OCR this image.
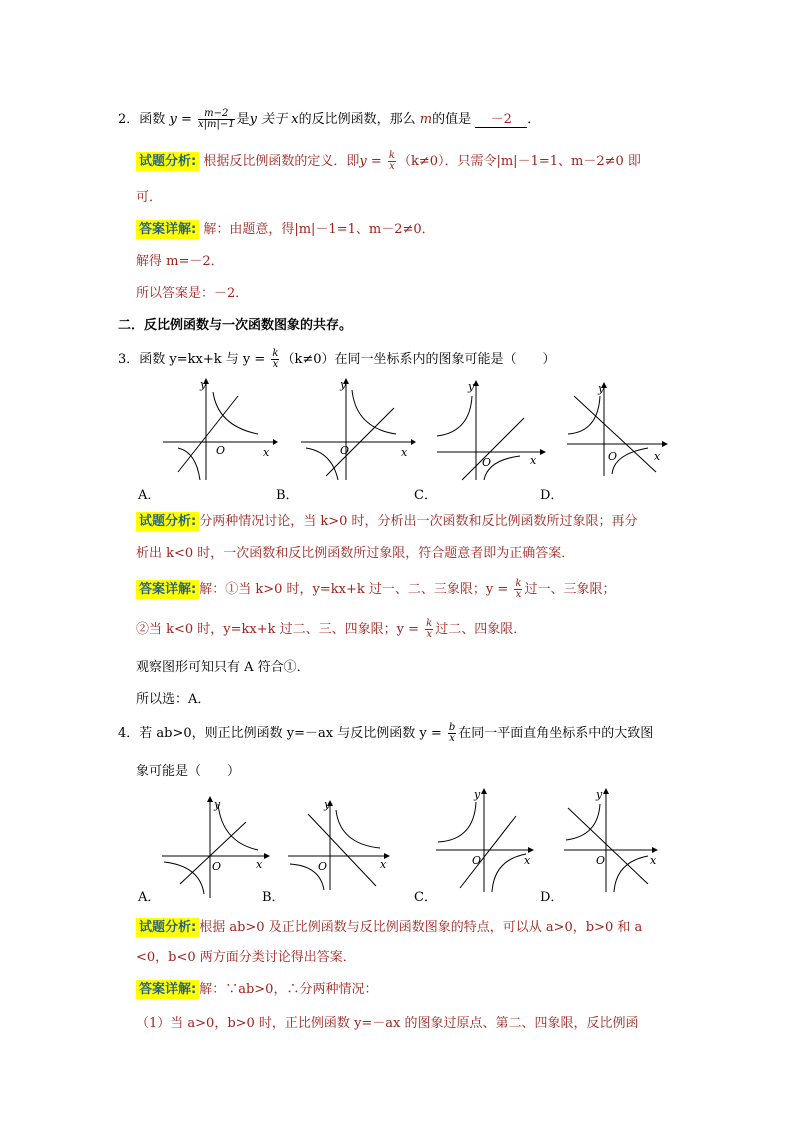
2．函数 $y = \frac{m-2}{x|m|-1}$ 是y 关于 x的反比例函数，那么 m的值是 －2 ．
试题分析: 根据反比例函数的定义．即$y = \frac{k}{x} (k\ne 0)$．只需令|m|－1=1、m－2≠0 即
可．
答案详解: 解：由题意，得|m|－1=1、m－2≠0．
解得 m=－2．
所以答案是：－2．
二．反比例函数与一次函数图象的共存。
3．函数 y=kx+k 与 $y = \frac{k}{x} (k\ne 0)$在同一坐标系内的图象可能是（　　）
y
x
O
y
x
O
y
x
O
y
x
O
A．	B．	C．	D．
试题分析: 分两种情况讨论，当 k>0 时，分析出一次函数和反比例函数所过象限；再分
析出 k<0 时，一次函数和反比例函数所过象限，符合题意者即为正确答案．
答案详解: 解：①当 k>0 时，y=kx+k 过一、二、三象限；$y = \frac{k}{x}$ 过一、三象限；
②当 k<0 时，y=kx+k 过二、三、四象限；$y = \frac{k}{x}$ 过二、四象限．
观察图形可知只有 A 符合①．
所以选：A．
4．若 ab>0，则正比例函数 y=－ax 与反比例函数 $y = \frac{b}{x}$ 在同一平面直角坐标系中的大致图
象可能是（　　）
y
x
O
y
x
O
y
x
O
y
x
O
A．	B．	C．	D．
试题分析: 根据 ab>0 及正比例函数与反比例函数图象的特点，可以从 a>0，b>0 和 a
<0，b<0 两方面分类讨论得出答案．
答案详解: 解：∵ab>0，∴分两种情况：
（1）当 a>0，b>0 时，正比例函数 y=－ax 的图象过原点、第二、四象限，反比例函
